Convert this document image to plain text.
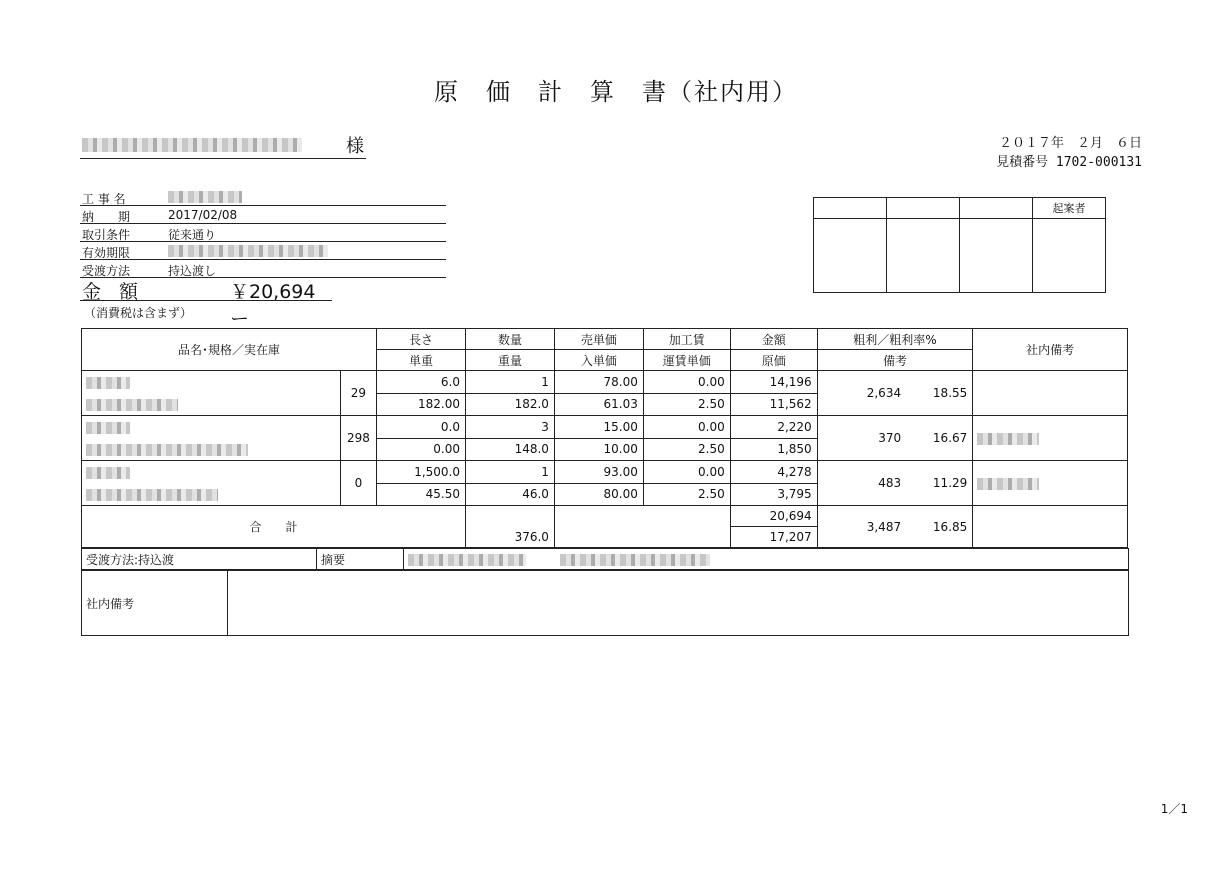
原　価　計　算　書（社内用）
様	２０１７年　２月　６日
見積番号 1702-000131
工 事 名
納　　期	2017/02/08
取引条件	従来通り
有効期限
受渡方法	持込渡し
金額	￥20,694ー
（消費税は含まず）
			起案者

品名･規格／実在庫		長さ	数量	売単価	加工賃	金額	粗利／粗利率%		社内備考
		単重	重量	入単価	運賃単価	原価	備考		

	29	6.0	1	78.00	0.00	14,196	2,634	18.55	
		182.00	182.0	61.03	2.50	11,562			

	298	0.0	3	15.00	0.00	2,220	370	16.67	
		0.00	148.0	10.00	2.50	1,850			

	0	1,500.0	1	93.00	0.00	4,278	483	11.29	
		45.50	46.0	80.00	2.50	3,795			
合　　計			376.0			20,694	3,487	16.85	
						17,207			
受渡方法:持込渡	摘要	
社内備考	
1／1
